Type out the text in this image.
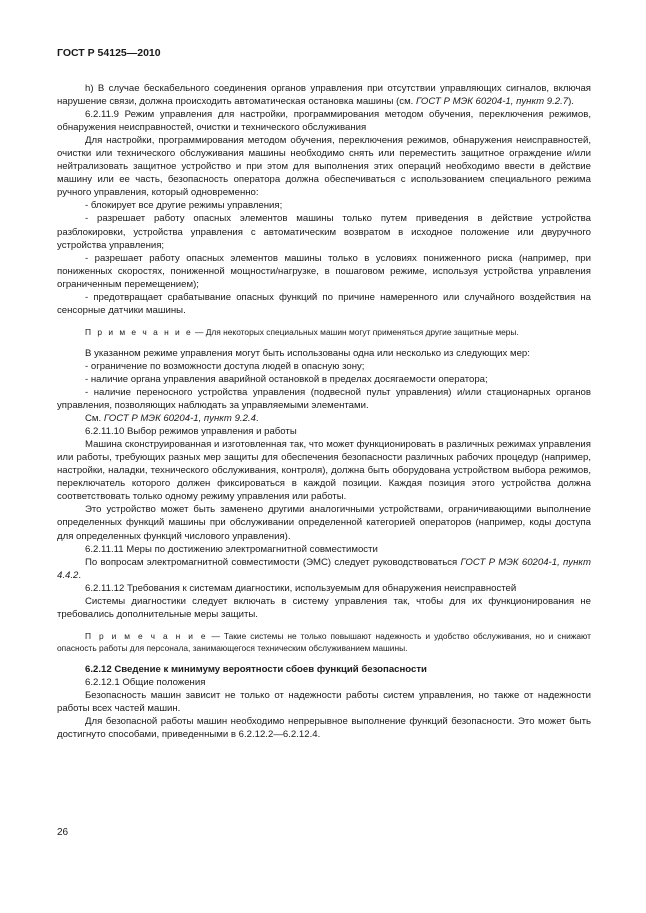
ГОСТ Р 54125—2010

h) В случае бескабельного соединения органов управления при отсутствии управляющих сигналов, включая нарушение связи, должна происходить автоматическая остановка машины (см. ГОСТ Р МЭК 60204-1, пункт 9.2.7).

6.2.11.9 Режим управления для настройки, программирования методом обучения, переключения режимов, обнаружения неисправностей, очистки и технического обслуживания

Для настройки, программирования методом обучения, переключения режимов, обнаружения неисправностей, очистки или технического обслуживания машины необходимо снять или переместить защитное ограждение и/или нейтрализовать защитное устройство и при этом для выполнения этих операций необходимо ввести в действие машину или ее часть, безопасность оператора должна обеспечиваться с использованием специального режима ручного управления, который одновременно:

- блокирует все другие режимы управления;

- разрешает работу опасных элементов машины только путем приведения в действие устройства разблокировки, устройства управления с автоматическим возвратом в исходное положение или двуручного устройства управления;

- разрешает работу опасных элементов машины только в условиях пониженного риска (например, при пониженных скоростях, пониженной мощности/нагрузке, в пошаговом режиме, используя устройства управления ограниченным перемещением);

- предотвращает срабатывание опасных функций по причине намеренного или случайного воздействия на сенсорные датчики машины.

П р и м е ч а н и е — Для некоторых специальных машин могут применяться другие защитные меры.

В указанном режиме управления могут быть использованы одна или несколько из следующих мер:

- ограничение по возможности доступа людей в опасную зону;

- наличие органа управления аварийной остановкой в пределах досягаемости оператора;

- наличие переносного устройства управления (подвесной пульт управления) и/или стационарных органов управления, позволяющих наблюдать за управляемыми элементами.

См. ГОСТ Р МЭК 60204-1, пункт 9.2.4.

6.2.11.10 Выбор режимов управления и работы

Машина сконструированная и изготовленная так, что может функционировать в различных режимах управления или работы, требующих разных мер защиты для обеспечения безопасности различных рабочих процедур (например, настройки, наладки, технического обслуживания, контроля), должна быть оборудована устройством выбора режимов, переключатель которого должен фиксироваться в каждой позиции. Каждая позиция этого устройства должна соответствовать только одному режиму управления или работы.

Это устройство может быть заменено другими аналогичными устройствами, ограничивающими выполнение определенных функций машины при обслуживании определенной категорией операторов (например, коды доступа для определенных функций числового управления).

6.2.11.11 Меры по достижению электромагнитной совместимости

По вопросам электромагнитной совместимости (ЭМС) следует руководствоваться ГОСТ Р МЭК 60204-1, пункт 4.4.2.

6.2.11.12 Требования к системам диагностики, используемым для обнаружения неисправностей

Системы диагностики следует включать в систему управления так, чтобы для их функционирования не требовались дополнительные меры защиты.

П р и м е ч а н и е — Такие системы не только повышают надежность и удобство обслуживания, но и снижают опасность работы для персонала, занимающегося техническим обслуживанием машины.

6.2.12 Сведение к минимуму вероятности сбоев функций безопасности

6.2.12.1 Общие положения

Безопасность машин зависит не только от надежности работы систем управления, но также от надежности работы всех частей машин.

Для безопасной работы машин необходимо непрерывное выполнение функций безопасности. Это может быть достигнуто способами, приведенными в 6.2.12.2—6.2.12.4.

26
